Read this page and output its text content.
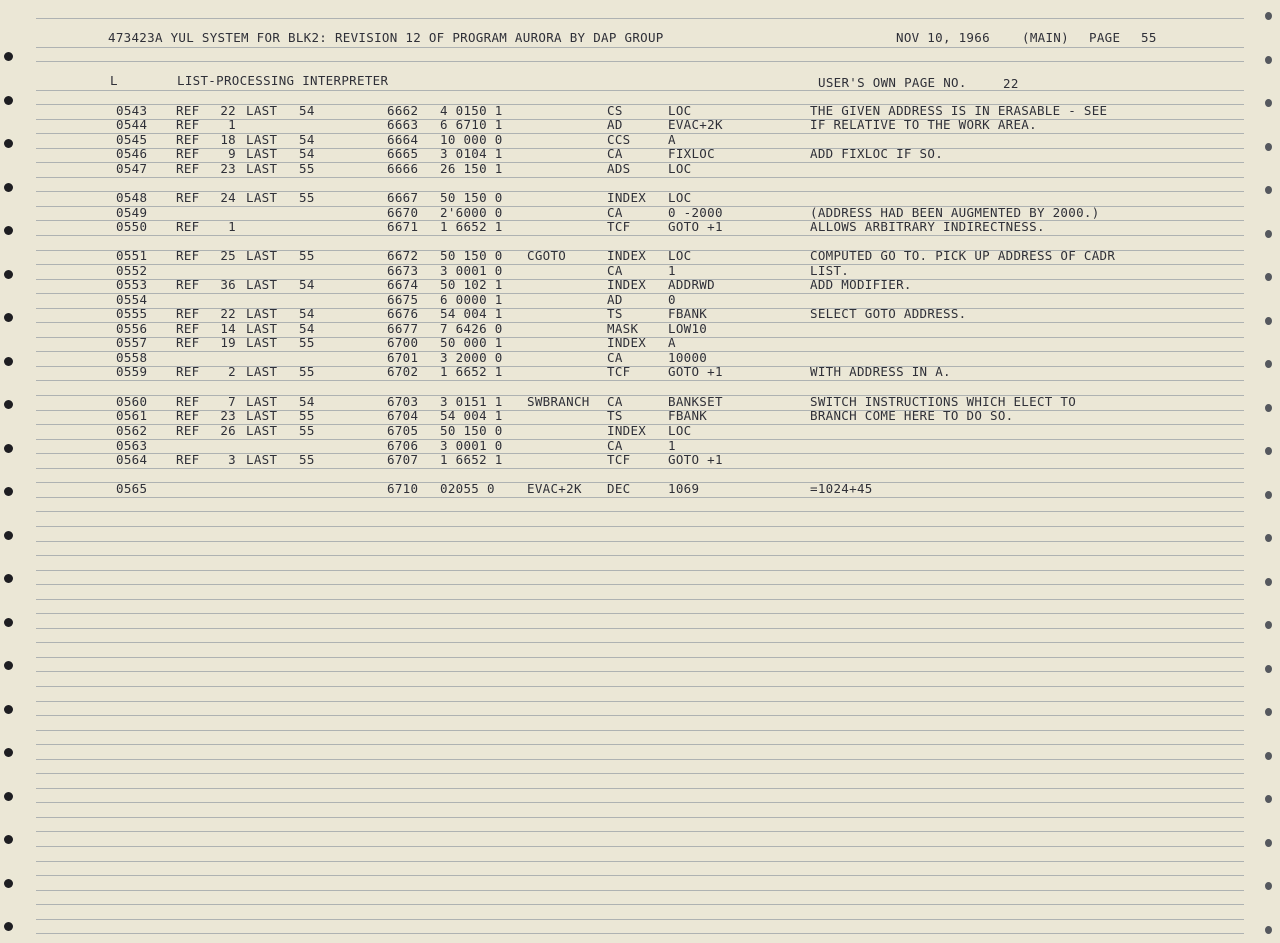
473423A YUL SYSTEM FOR BLK2: REVISION 12 OF PROGRAM AURORA BY DAP GROUP	NOV 10, 1966	(MAIN) PAGE 55
L	LIST-PROCESSING INTERPRETER	USER'S OWN PAGE NO.	22
0543 REF	22 LAST 54	6662 4 0150 1	CS	LOC	THE GIVEN ADDRESS IS IN ERASABLE - SEE
0544 REF	1	6663 6 6710 1	AD	EVAC+2K	IF RELATIVE TO THE WORK AREA.
0545 REF	18 LAST 54	6664 10 000 0	CCS	A
0546 REF	9 LAST 54	6665 3 0104 1	CA	FIXLOC	ADD FIXLOC IF SO.
0547 REF	23 LAST 55	6666 26 150 1	ADS	LOC
0548 REF	24 LAST 55	6667 50 150 0	INDEX LOC
0549	6670 2'6000 0	CA	0 -2000	(ADDRESS HAD BEEN AUGMENTED BY 2000.)
0550 REF	1	6671 1 6652 1	TCF	GOTO +1	ALLOWS ARBITRARY INDIRECTNESS.
0551 REF	25 LAST 55	6672 50 150 0 CGOTO	INDEX LOC	COMPUTED GO TO. PICK UP ADDRESS OF CADR
0552	6673 3 0001 0	CA	1	LIST.
0553 REF	36 LAST 54	6674 50 102 1	INDEX ADDRWD	ADD MODIFIER.
0554	6675 6 0000 1	AD	0
0555 REF	22 LAST 54	6676 54 004 1	TS	FBANK	SELECT GOTO ADDRESS.
0556 REF	14 LAST 54	6677 7 6426 0	MASK LOW10
0557 REF	19 LAST 55	6700 50 000 1	INDEX A
0558	6701 3 2000 0	CA	10000
0559 REF	2 LAST 55	6702 1 6652 1	TCF	GOTO +1	WITH ADDRESS IN A.
0560 REF	7 LAST 54	6703 3 0151 1 SWBRANCH CA	BANKSET	SWITCH INSTRUCTIONS WHICH ELECT TO
0561 REF	23 LAST 55	6704 54 004 1	TS	FBANK	BRANCH COME HERE TO DO SO.
0562 REF	26 LAST 55	6705 50 150 0	INDEX LOC
0563	6706 3 0001 0	CA	1
0564 REF	3 LAST 55	6707 1 6652 1	TCF	GOTO +1
0565	6710 02055 0	EVAC+2K DEC	1069	=1024+45
